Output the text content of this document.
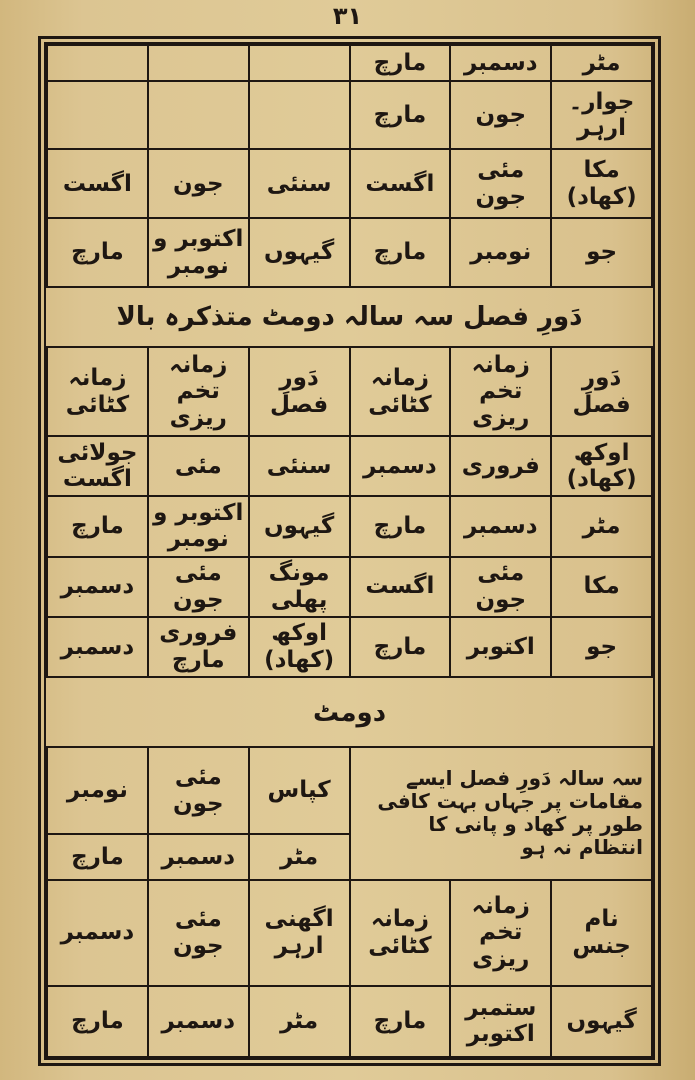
۳۱
مٹر	دسمبر	مارچ			
جوار۔ارہر	جون	مارچ			
مکا (کھاد)	مئی جون	اگست	سنئی	جون	اگست
جو	نومبر	مارچ	گیہوں	اکتوبر و نومبر	مارچ
دَورِ فصل سہ سالہ دومٹ متذکرہ بالا
دَورِ فصل	زمانہ تخم ریزی	زمانہ کٹائی	دَورِ فصل	زمانہ تخم ریزی	زمانہ کٹائی
اوکھ (کھاد)	فروری	دسمبر	سنئی	مئی	جولائی اگست
مٹر	دسمبر	مارچ	گیہوں	اکتوبر و نومبر	مارچ
مکا	مئی جون	اگست	مونگ پھلی	مئی جون	دسمبر
جو	اکتوبر	مارچ	اوکھ (کھاد)	فروری مارچ	دسمبر
دومٹ
سہ سالہ دَورِ فصل ایسے مقامات پر جہاں بہت کافی طور پر کھاد و پانی کا انتظام نہ ہو			کپاس	مئی جون	نومبر
			مٹر	دسمبر	مارچ
نام جنس	زمانہ تخم ریزی	زمانہ کٹائی	اگھنی ارہر	مئی جون	دسمبر
گیہوں	ستمبر اکتوبر	مارچ	مٹر	دسمبر	مارچ
